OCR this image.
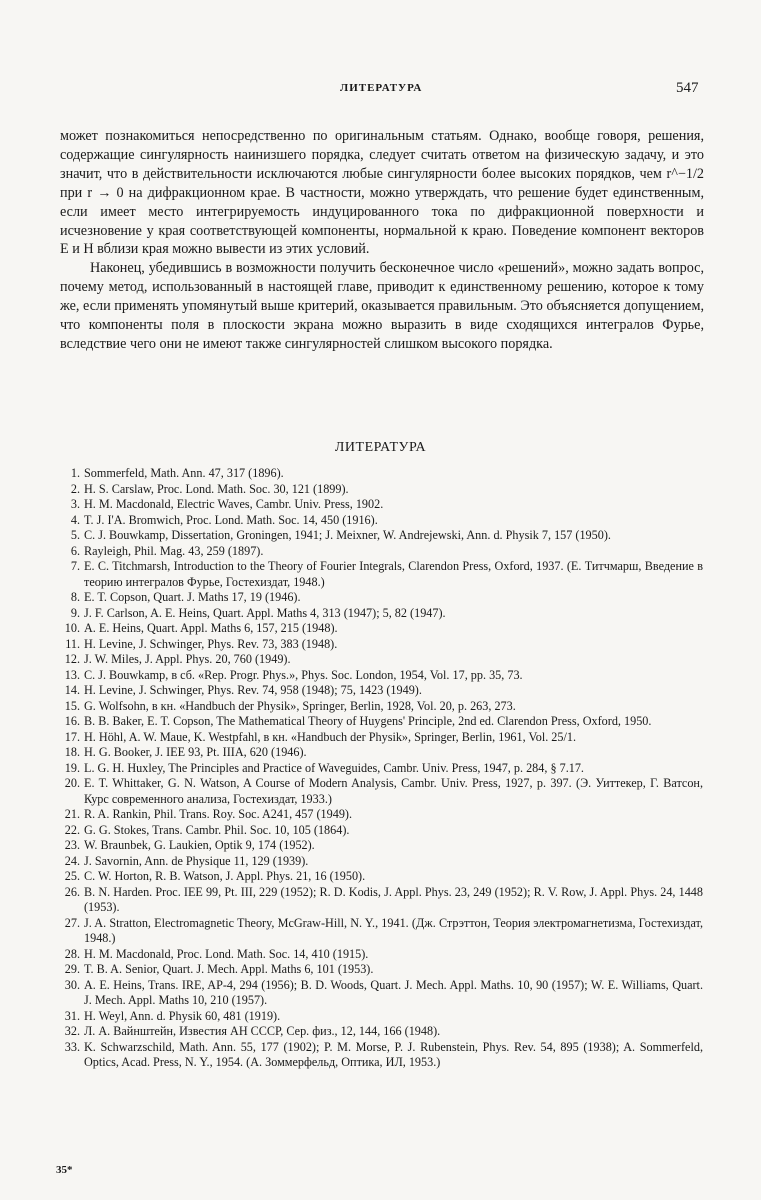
ЛИТЕРАТУРА	547

может познакомиться непосредственно по оригинальным статьям. Однако, вообще говоря, решения, содержащие сингулярность наинизшего порядка, следует считать ответом на физическую задачу, и это значит, что в действительности исключаются любые сингулярности более высоких порядков, чем r^−1/2 при r → 0 на дифракционном крае. В частности, можно утверждать, что решение будет единственным, если имеет место интегрируемость индуцированного тока по дифракционной поверхности и исчезновение у края соответствующей компоненты, нормальной к краю. Поведение компонент векторов E и H вблизи края можно вывести из этих условий.

Наконец, убедившись в возможности получить бесконечное число «решений», можно задать вопрос, почему метод, использованный в настоящей главе, приводит к единственному решению, которое к тому же, если применять упомянутый выше критерий, оказывается правильным. Это объясняется допущением, что компоненты поля в плоскости экрана можно выразить в виде сходящихся интегралов Фурье, вследствие чего они не имеют также сингулярностей слишком высокого порядка.

ЛИТЕРАТУРА
1. Sommerfeld, Math. Ann. 47, 317 (1896).
2. H. S. Carslaw, Proc. Lond. Math. Soc. 30, 121 (1899).
3. H. M. Macdonald, Electric Waves, Cambr. Univ. Press, 1902.
4. T. J. I'A. Bromwich, Proc. Lond. Math. Soc. 14, 450 (1916).
5. C. J. Bouwkamp, Dissertation, Groningen, 1941; J. Meixner, W. Andrejewski, Ann. d. Physik 7, 157 (1950).
6. Rayleigh, Phil. Mag. 43, 259 (1897).
7. E. C. Titchmarsh, Introduction to the Theory of Fourier Integrals, Clarendon Press, Oxford, 1937. (Е. Титчмарш, Введение в теорию интегралов Фурье, Гостехиздат, 1948.)
8. E. T. Copson, Quart. J. Maths 17, 19 (1946).
9. J. F. Carlson, A. E. Heins, Quart. Appl. Maths 4, 313 (1947); 5, 82 (1947).
10. A. E. Heins, Quart. Appl. Maths 6, 157, 215 (1948).
11. H. Levine, J. Schwinger, Phys. Rev. 73, 383 (1948).
12. J. W. Miles, J. Appl. Phys. 20, 760 (1949).
13. C. J. Bouwkamp, в сб. «Rep. Progr. Phys.», Phys. Soc. London, 1954, Vol. 17, pp. 35, 73.
14. H. Levine, J. Schwinger, Phys. Rev. 74, 958 (1948); 75, 1423 (1949).
15. G. Wolfsohn, в кн. «Handbuch der Physik», Springer, Berlin, 1928, Vol. 20, p. 263, 273.
16. B. B. Baker, E. T. Copson, The Mathematical Theory of Huygens' Principle, 2nd ed. Clarendon Press, Oxford, 1950.
17. H. Höhl, A. W. Maue, K. Westpfahl, в кн. «Handbuch der Physik», Springer, Berlin, 1961, Vol. 25/1.
18. H. G. Booker, J. IEE 93, Pt. IIIA, 620 (1946).
19. L. G. H. Huxley, The Principles and Practice of Waveguides, Cambr. Univ. Press, 1947, p. 284, § 7.17.
20. E. T. Whittaker, G. N. Watson, A Course of Modern Analysis, Cambr. Univ. Press, 1927, p. 397. (Э. Уиттекер, Г. Ватсон, Курс современного анализа, Гостехиздат, 1933.)
21. R. A. Rankin, Phil. Trans. Roy. Soc. A241, 457 (1949).
22. G. G. Stokes, Trans. Cambr. Phil. Soc. 10, 105 (1864).
23. W. Braunbek, G. Laukien, Optik 9, 174 (1952).
24. J. Savornin, Ann. de Physique 11, 129 (1939).
25. C. W. Horton, R. B. Watson, J. Appl. Phys. 21, 16 (1950).
26. B. N. Harden. Proc. IEE 99, Pt. III, 229 (1952); R. D. Kodis, J. Appl. Phys. 23, 249 (1952); R. V. Row, J. Appl. Phys. 24, 1448 (1953).
27. J. A. Stratton, Electromagnetic Theory, McGraw-Hill, N. Y., 1941. (Дж. Стрэттон, Теория электромагнетизма, Гостехиздат, 1948.)
28. H. M. Macdonald, Proc. Lond. Math. Soc. 14, 410 (1915).
29. T. B. A. Senior, Quart. J. Mech. Appl. Maths 6, 101 (1953).
30. A. E. Heins, Trans. IRE, AP-4, 294 (1956); B. D. Woods, Quart. J. Mech. Appl. Maths. 10, 90 (1957); W. E. Williams, Quart. J. Mech. Appl. Maths 10, 210 (1957).
31. H. Weyl, Ann. d. Physik 60, 481 (1919).
32. Л. А. Вайнштейн, Известия АН СССР, Сер. физ., 12, 144, 166 (1948).
33. K. Schwarzschild, Math. Ann. 55, 177 (1902); P. M. Morse, P. J. Rubenstein, Phys. Rev. 54, 895 (1938); A. Sommerfeld, Optics, Acad. Press, N. Y., 1954. (А. Зоммерфельд, Оптика, ИЛ, 1953.)
35*
